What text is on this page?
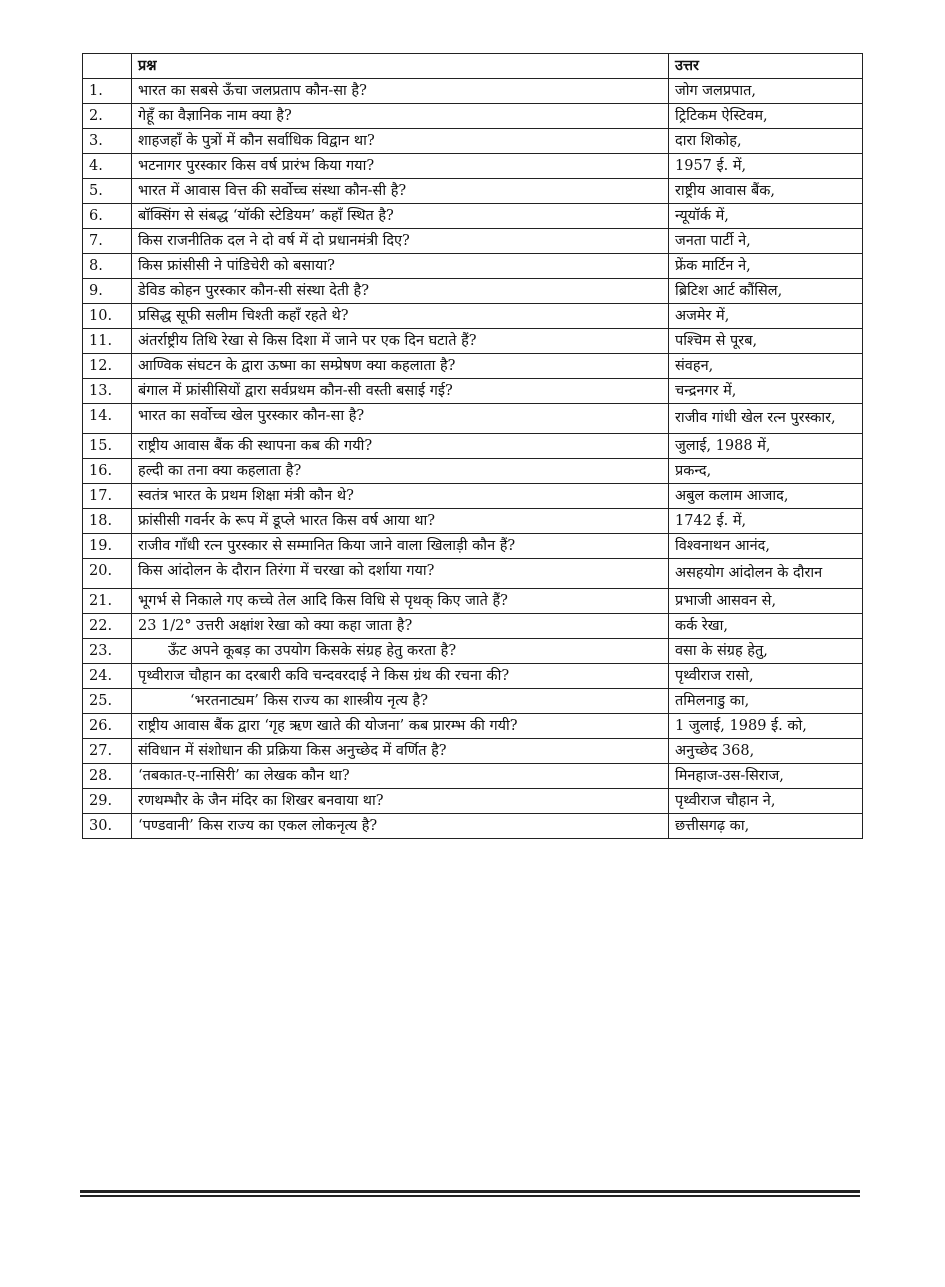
	प्रश्न	उत्तर
1.	भारत का सबसे ऊँचा जलप्रताप कौन-सा है?	जोग जलप्रपात,
2.	गेहूँ का वैज्ञानिक नाम क्या है?	ट्रिटिकम ऐस्टिवम,
3.	शाहजहाँ के पुत्रों में कौन सर्वाधिक विद्वान था?	दारा शिकोह,
4.	भटनागर पुरस्कार किस वर्ष प्रारंभ किया गया?	1957 ई. में,
5.	भारत में आवास वित्त की सर्वोच्च संस्था कौन-सी है?	राष्ट्रीय आवास बैंक,
6.	बॉक्सिंग से संबद्ध ‘यॉकी स्टेडियम’ कहाँ स्थित है?	न्यूयॉर्क में,
7.	किस राजनीतिक दल ने दो वर्ष में दो प्रधानमंत्री दिए?	जनता पार्टी ने,
8.	किस फ्रांसीसी ने पांडिचेरी को बसाया?	फ्रेंक मार्टिन ने,
9.	डेविड कोहन पुरस्कार कौन-सी संस्था देती है?	ब्रिटिश आर्ट कौंसिल,
10.	प्रसिद्ध सूफी सलीम चिश्ती कहाँ रहते थे?	अजमेर में,
11.	अंतर्राष्ट्रीय तिथि रेखा से किस दिशा में जाने पर एक दिन घटाते हैं?	पश्चिम से पूरब,
12.	आण्विक संघटन के द्वारा ऊष्मा का सम्प्रेषण क्या कहलाता है?	संवहन,
13.	बंगाल में फ्रांसीसियों द्वारा सर्वप्रथम कौन-सी वस्ती बसाई गई?	चन्द्रनगर में,
14.	भारत का सर्वोच्च खेल पुरस्कार कौन-सा है?	राजीव गांधी खेल रत्न पुरस्कार,
15.	राष्ट्रीय आवास बैंक की स्थापना कब की गयी?	जुलाई, 1988 में,
16.	हल्दी का तना क्या कहलाता है?	प्रकन्द,
17.	स्वतंत्र भारत के प्रथम शिक्षा मंत्री कौन थे?	अबुल कलाम आजाद,
18.	फ्रांसीसी गवर्नर के रूप में डूप्ले भारत किस वर्ष आया था?	1742 ई. में,
19.	राजीव गाँधी रत्न पुरस्कार से सम्मानित किया जाने वाला खिलाड़ी कौन हैं?	विश्वनाथन आनंद,
20.	किस आंदोलन के दौरान तिरंगा में चरखा को दर्शाया गया?	असहयोग आंदोलन के दौरान
21.	भूगर्भ से निकाले गए कच्चे तेल आदि किस विधि से पृथक् किए जाते हैं?	प्रभाजी आसवन से,
22.	23 1/2° उत्तरी अक्षांश रेखा को क्या कहा जाता है?	कर्क रेखा,
23.	ऊँट अपने कूबड़ का उपयोग किसके संग्रह हेतु करता है?	वसा के संग्रह हेतु,
24.	पृथ्वीराज चौहान का दरबारी कवि चन्दवरदाई ने किस ग्रंथ की रचना की?	पृथ्वीराज रासो,
25.	‘भरतनाट्यम’ किस राज्य का शास्त्रीय नृत्य है?	तमिलनाडु का,
26.	राष्ट्रीय आवास बैंक द्वारा ‘गृह ऋण खाते की योजना’ कब प्रारम्भ की गयी?	1 जुलाई, 1989 ई. को,
27.	संविधान में संशोधान की प्रक्रिया किस अनुच्छेद में वर्णित है?	अनुच्छेद 368,
28.	‘तबकात-ए-नासिरी’ का लेखक कौन था?	मिनहाज-उस-सिराज,
29.	रणथम्भौर के जैन मंदिर का शिखर बनवाया था?	पृथ्वीराज चौहान ने,
30.	‘पण्डवानी’ किस राज्य का एकल लोकनृत्य है?	छत्तीसगढ़ का,
